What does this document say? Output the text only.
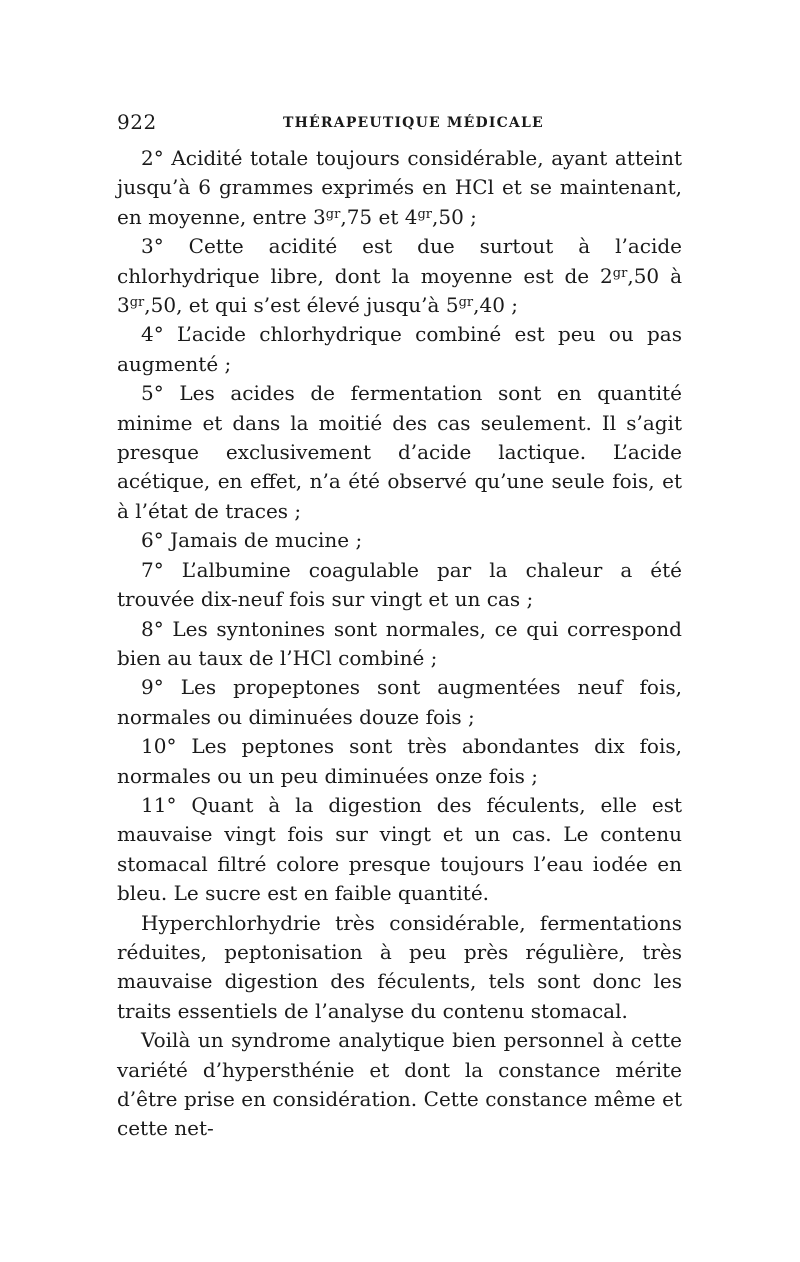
922	THÉRAPEUTIQUE MÉDICALE

2° Acidité totale toujours considérable, ayant atteint jusqu’à 6 grammes exprimés en HCl et se maintenant, en moyenne, entre $3^{gr},75$ et $4^{gr},50$ ;

3° Cette acidité est due surtout à l’acide chlorhydrique libre, dont la moyenne est de $2^{gr},50$ à $3^{gr},50$, et qui s’est élevé jusqu’à $5^{gr},40$ ;

4° L’acide chlorhydrique combiné est peu ou pas augmenté ;

5° Les acides de fermentation sont en quantité minime et dans la moitié des cas seulement. Il s’agit presque exclusivement d’acide lactique. L’acide acétique, en effet, n’a été observé qu’une seule fois, et à l’état de traces ;

6° Jamais de mucine ;

7° L’albumine coagulable par la chaleur a été trouvée dix-neuf fois sur vingt et un cas ;

8° Les syntonines sont normales, ce qui correspond bien au taux de l’HCl combiné ;

9° Les propeptones sont augmentées neuf fois, normales ou diminuées douze fois ;

10° Les peptones sont très abondantes dix fois, normales ou un peu diminuées onze fois ;

11° Quant à la digestion des féculents, elle est mauvaise vingt fois sur vingt et un cas. Le contenu stomacal filtré colore presque toujours l’eau iodée en bleu. Le sucre est en faible quantité.

Hyperchlorhydrie très considérable, fermentations réduites, peptonisation à peu près régulière, très mauvaise digestion des féculents, tels sont donc les traits essentiels de l’analyse du contenu stomacal.

Voilà un syndrome analytique bien personnel à cette variété d’hypersthénie et dont la constance mérite d’être prise en considération. Cette constance même et cette net-
